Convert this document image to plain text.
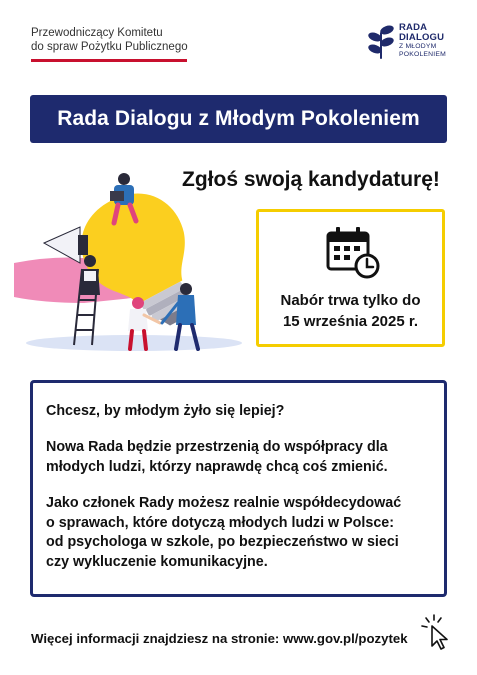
Przewodniczący Komitetu
do spraw Pożytku Publicznego
RADA
DIALOGU
Z MŁODYM
POKOLENIEM
Rada Dialogu z Młodym Pokoleniem
Zgłoś swoją kandydaturę!
Nabór trwa tylko do
15 września 2025 r.
Chcesz, by młodym żyło się lepiej?
Nowa Rada będzie przestrzenią do współpracy dla
młodych ludzi, którzy naprawdę chcą coś zmienić.
Jako członek Rady możesz realnie współdecydować
o sprawach, które dotyczą młodych ludzi w Polsce:
od psychologa w szkole, po bezpieczeństwo w sieci
czy wykluczenie komunikacyjne.
Więcej informacji znajdziesz na stronie: www.gov.pl/pozytek
